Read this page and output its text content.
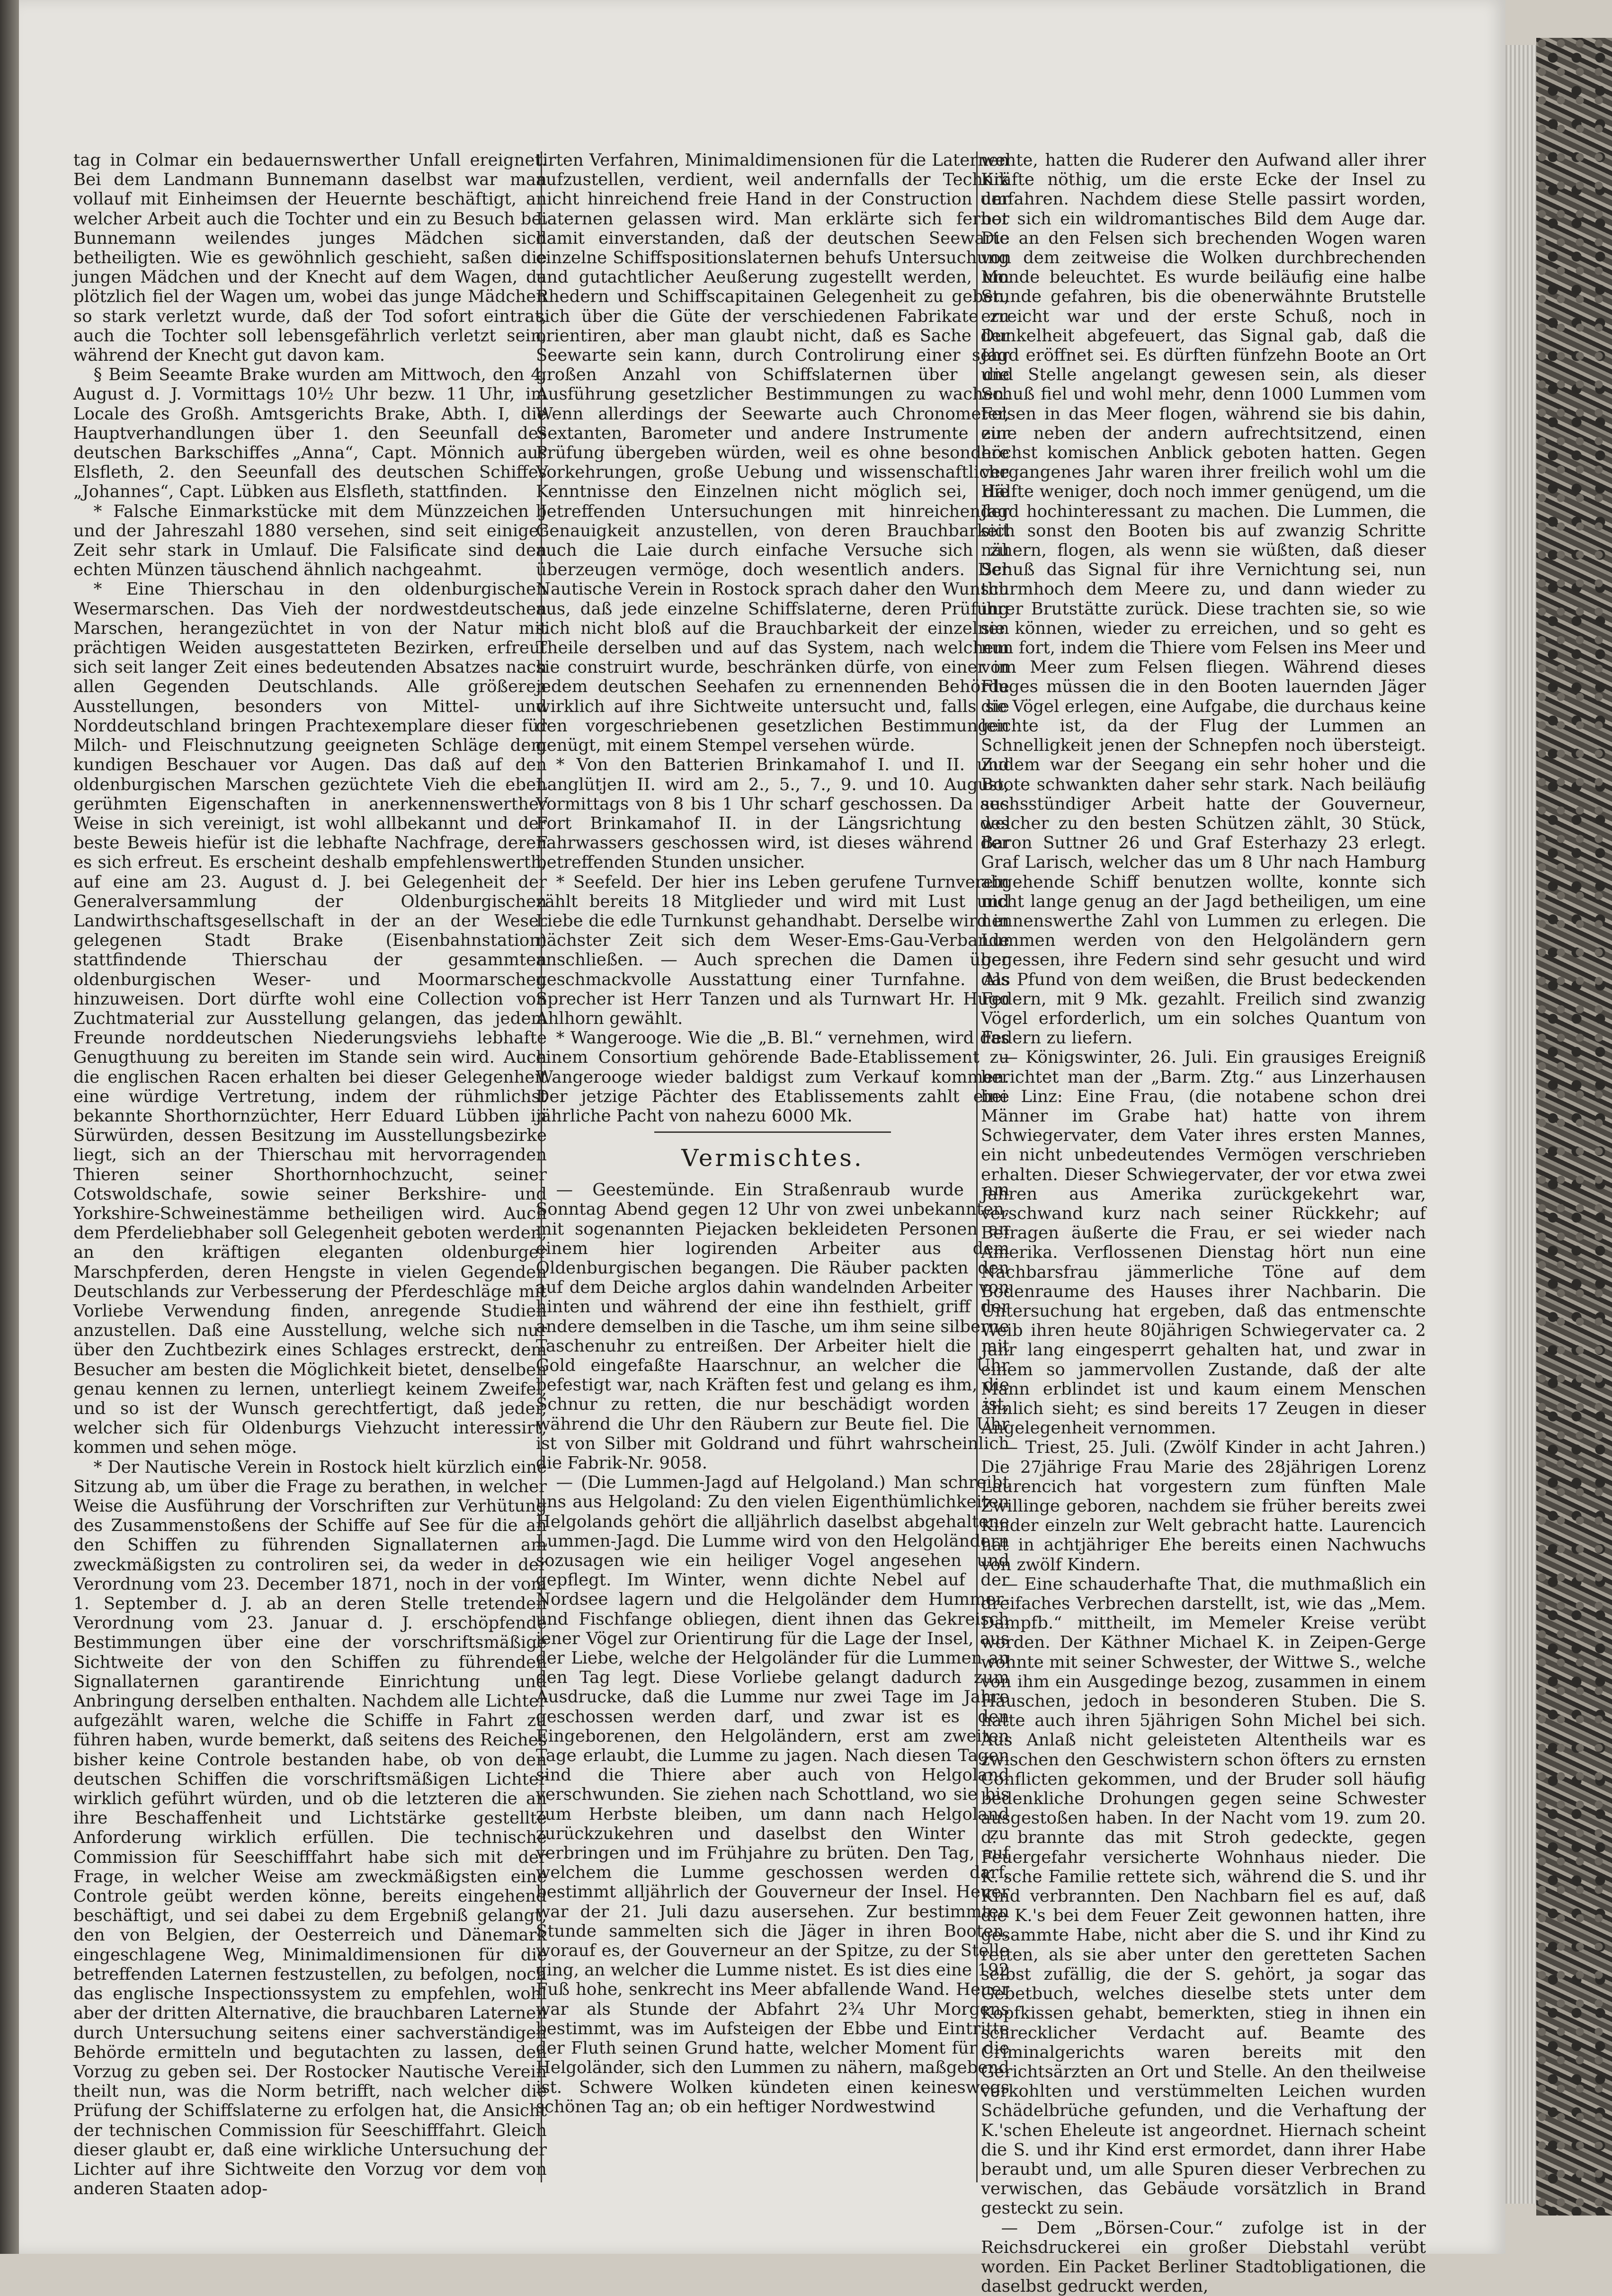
tag in Colmar ein bedauernswerther Unfall ereignet. Bei dem Landmann Bunnemann daselbst war man vollauf mit Einheimsen der Heuernte beschäftigt, an welcher Arbeit auch die Tochter und ein zu Besuch bei Bunnemann weilendes junges Mädchen sich betheiligten. Wie es gewöhnlich geschieht, saßen die jungen Mädchen und der Knecht auf dem Wagen, da plötzlich fiel der Wagen um, wobei das junge Mädchen so stark verletzt wurde, daß der Tod sofort eintrat, auch die Tochter soll lebensgefährlich verletzt sein, während der Knecht gut davon kam.

§ Beim Seeamte Brake wurden am Mittwoch, den 4. August d. J. Vormittags 10½ Uhr bezw. 11 Uhr, im Locale des Großh. Amtsgerichts Brake, Abth. I, die Hauptverhandlungen über 1. den Seeunfall des deutschen Barkschiffes „Anna“, Capt. Mönnich aus Elsfleth, 2. den Seeunfall des deutschen Schiffes „Johannes“, Capt. Lübken aus Elsfleth, stattfinden.

* Falsche Einmarkstücke mit dem Münzzeichen J und der Jahreszahl 1880 versehen, sind seit einiger Zeit sehr stark in Umlauf. Die Falsificate sind den echten Münzen täuschend ähnlich nachgeahmt.

* Eine Thierschau in den oldenburgischen Wesermarschen. Das Vieh der nordwestdeutschen Marschen, herangezüchtet in von der Natur mit prächtigen Weiden ausgestatteten Bezirken, erfreut sich seit langer Zeit eines bedeutenden Absatzes nach allen Gegenden Deutschlands. Alle größeren Ausstellungen, besonders von Mittel- und Norddeutschland bringen Prachtexemplare dieser für Milch- und Fleischnutzung geeigneten Schläge dem kundigen Beschauer vor Augen. Das daß auf den oldenburgischen Marschen gezüchtete Vieh die eben gerühmten Eigenschaften in anerkennenswerther Weise in sich vereinigt, ist wohl allbekannt und der beste Beweis hiefür ist die lebhafte Nachfrage, deren es sich erfreut. Es erscheint deshalb empfehlenswerth, auf eine am 23. August d. J. bei Gelegenheit der Generalversammlung der Oldenburgischen Landwirthschaftsgesellschaft in der an der Weser gelegenen Stadt Brake (Eisenbahnstation) stattfindende Thierschau der gesammten oldenburgischen Weser- und Moormarschen hinzuweisen. Dort dürfte wohl eine Collection von Zuchtmaterial zur Ausstellung gelangen, das jedem Freunde norddeutschen Niederungsviehs lebhafte Genugthuung zu bereiten im Stande sein wird. Auch die englischen Racen erhalten bei dieser Gelegenheit eine würdige Vertretung, indem der rühmlichst bekannte Shorthornzüchter, Herr Eduard Lübben in Sürwürden, dessen Besitzung im Ausstellungsbezirke liegt, sich an der Thierschau mit hervorragenden Thieren seiner Shorthornhochzucht, seiner Cotswoldschafe, sowie seiner Berkshire- und Yorkshire-Schweinestämme betheiligen wird. Auch dem Pferdeliebhaber soll Gelegenheit geboten werden, an den kräftigen eleganten oldenburger Marschpferden, deren Hengste in vielen Gegenden Deutschlands zur Verbesserung der Pferdeschläge mit Vorliebe Verwendung finden, anregende Studien anzustellen. Daß eine Ausstellung, welche sich nur über den Zuchtbezirk eines Schlages erstreckt, dem Besucher am besten die Möglichkeit bietet, denselben genau kennen zu lernen, unterliegt keinem Zweifel, und so ist der Wunsch gerechtfertigt, daß jeder, welcher sich für Oldenburgs Viehzucht interessirt, kommen und sehen möge.

* Der Nautische Verein in Rostock hielt kürzlich eine Sitzung ab, um über die Frage zu berathen, in welcher Weise die Ausführung der Vorschriften zur Verhütung des Zusammenstoßens der Schiffe auf See für die an den Schiffen zu führenden Signallaternen am zweckmäßigsten zu controliren sei, da weder in der Verordnung vom 23. December 1871, noch in der vom 1. September d. J. ab an deren Stelle tretenden Verordnung vom 23. Januar d. J. erschöpfende Bestimmungen über eine der vorschriftsmäßige Sichtweite der von den Schiffen zu führenden Signallaternen garantirende Einrichtung und Anbringung derselben enthalten. Nachdem alle Lichter aufgezählt waren, welche die Schiffe in Fahrt zu führen haben, wurde bemerkt, daß seitens des Reiches bisher keine Controle bestanden habe, ob von den deutschen Schiffen die vorschriftsmäßigen Lichter wirklich geführt würden, und ob die letzteren die an ihre Beschaffenheit und Lichtstärke gestellte Anforderung wirklich erfüllen. Die technische Commission für Seeschifffahrt habe sich mit der Frage, in welcher Weise am zweckmäßigsten eine Controle geübt werden könne, bereits eingehend beschäftigt, und sei dabei zu dem Ergebniß gelangt, den von Belgien, der Oesterreich und Dänemark eingeschlagene Weg, Minimaldimensionen für die betreffenden Laternen festzustellen, zu befolgen, noch das englische Inspectionssystem zu empfehlen, wohl aber der dritten Alternative, die brauchbaren Laternen durch Untersuchung seitens einer sachverständigen Behörde ermitteln und begutachten zu lassen, den Vorzug zu geben sei. Der Rostocker Nautische Verein theilt nun, was die Norm betrifft, nach welcher die Prüfung der Schiffslaterne zu erfolgen hat, die Ansicht der technischen Commission für Seeschifffahrt. Gleich dieser glaubt er, daß eine wirkliche Untersuchung der Lichter auf ihre Sichtweite den Vorzug vor dem von anderen Staaten adop-

tirten Verfahren, Minimaldimensionen für die Laternen aufzustellen, verdient, weil andernfalls der Technik nicht hinreichend freie Hand in der Construction der Laternen gelassen wird. Man erklärte sich ferner damit einverstanden, daß der deutschen Seewarte einzelne Schiffspositionslaternen behufs Untersuchung und gutachtlicher Aeußerung zugestellt werden, um Rhedern und Schiffscapitainen Gelegenheit zu geben, sich über die Güte der verschiedenen Fabrikate zu orientiren, aber man glaubt nicht, daß es Sache der Seewarte sein kann, durch Controlirung einer sehr großen Anzahl von Schiffslaternen über die Ausführung gesetzlicher Bestimmungen zu wachen. Wenn allerdings der Seewarte auch Chronometer, Sextanten, Barometer und andere Instrumente zur Prüfung übergeben würden, weil es ohne besondere Vorkehrungen, große Uebung und wissenschaftliche Kenntnisse den Einzelnen nicht möglich sei, die betreffenden Untersuchungen mit hinreichender Genauigkeit anzustellen, von deren Brauchbarkeit auch die Laie durch einfache Versuche sich zu überzeugen vermöge, doch wesentlich anders. Der Nautische Verein in Rostock sprach daher den Wunsch aus, daß jede einzelne Schiffslaterne, deren Prüfung sich nicht bloß auf die Brauchbarkeit der einzelnen Theile derselben und auf das System, nach welchem sie construirt wurde, beschränken dürfe, von einer in jedem deutschen Seehafen zu ernennenden Behörde wirklich auf ihre Sichtweite untersucht und, falls sie den vorgeschriebenen gesetzlichen Bestimmungen genügt, mit einem Stempel versehen würde.

* Von den Batterien Brinkamahof I. und II. und Langlütjen II. wird am 2., 5., 7., 9. und 10. August, Vormittags von 8 bis 1 Uhr scharf geschossen. Da aus Fort Brinkamahof II. in der Längsrichtung des Fahrwassers geschossen wird, ist dieses während der betreffenden Stunden unsicher.

* Seefeld. Der hier ins Leben gerufene Turnverein zählt bereits 18 Mitglieder und wird mit Lust und Liebe die edle Turnkunst gehandhabt. Derselbe wird in nächster Zeit sich dem Weser-Ems-Gau-Verbande anschließen. — Auch sprechen die Damen über geschmackvolle Ausstattung einer Turnfahne. Als Sprecher ist Herr Tanzen und als Turnwart Hr. Hugo Ahlhorn gewählt.

* Wangerooge. Wie die „B. Bl.“ vernehmen, wird das einem Consortium gehörende Bade-Etablissement zu Wangerooge wieder baldigst zum Verkauf kommen. Der jetzige Pächter des Etablissements zahlt eine jährliche Pacht von nahezu 6000 Mk.

Vermischtes.

— Geestemünde. Ein Straßenraub wurde am Sonntag Abend gegen 12 Uhr von zwei unbekannten, mit sogenannten Piejacken bekleideten Personen an einem hier logirenden Arbeiter aus dem Oldenburgischen begangen. Die Räuber packten den auf dem Deiche arglos dahin wandelnden Arbeiter von hinten und während der eine ihn festhielt, griff der andere demselben in die Tasche, um ihm seine silberne Taschenuhr zu entreißen. Der Arbeiter hielt die mit Gold eingefaßte Haarschnur, an welcher die Uhr befestigt war, nach Kräften fest und gelang es ihm, die Schnur zu retten, die nur beschädigt worden ist, während die Uhr den Räubern zur Beute fiel. Die Uhr ist von Silber mit Goldrand und führt wahrscheinlich die Fabrik-Nr. 9058.

— (Die Lummen-Jagd auf Helgoland.) Man schreibt uns aus Helgoland: Zu den vielen Eigenthümlichkeiten Helgolands gehört die alljährlich daselbst abgehaltene Lummen-Jagd. Die Lumme wird von den Helgoländern sozusagen wie ein heiliger Vogel angesehen und gepflegt. Im Winter, wenn dichte Nebel auf der Nordsee lagern und die Helgoländer dem Hummer- und Fischfange obliegen, dient ihnen das Gekreisch jener Vögel zur Orientirung für die Lage der Insel, aus der Liebe, welche der Helgoländer für die Lummen an den Tag legt. Diese Vorliebe gelangt dadurch zum Ausdrucke, daß die Lumme nur zwei Tage im Jahre geschossen werden darf, und zwar ist es den Eingeborenen, den Helgoländern, erst am zweiten Tage erlaubt, die Lumme zu jagen. Nach diesen Tagen sind die Thiere aber auch von Helgoland verschwunden. Sie ziehen nach Schottland, wo sie bis zum Herbste bleiben, um dann nach Helgoland zurückzukehren und daselbst den Winter zu verbringen und im Frühjahre zu brüten. Den Tag, auf welchem die Lumme geschossen werden darf, bestimmt alljährlich der Gouverneur der Insel. Heuer war der 21. Juli dazu ausersehen. Zur bestimmten Stunde sammelten sich die Jäger in ihren Booten, worauf es, der Gouverneur an der Spitze, zu der Stelle ging, an welcher die Lumme nistet. Es ist dies eine 192 Fuß hohe, senkrecht ins Meer abfallende Wand. Heuer war als Stunde der Abfahrt 2¾ Uhr Morgens bestimmt, was im Aufsteigen der Ebbe und Eintritte der Fluth seinen Grund hatte, welcher Moment für die Helgoländer, sich den Lummen zu nähern, maßgebend ist. Schwere Wolken kündeten einen keineswegs schönen Tag an; ob ein heftiger Nordwestwind

wehte, hatten die Ruderer den Aufwand aller ihrer Kräfte nöthig, um die erste Ecke der Insel zu umfahren. Nachdem diese Stelle passirt worden, bot sich ein wildromantisches Bild dem Auge dar. Die an den Felsen sich brechenden Wogen waren von dem zeitweise die Wolken durchbrechenden Monde beleuchtet. Es wurde beiläufig eine halbe Stunde gefahren, bis die obenerwähnte Brutstelle erreicht war und der erste Schuß, noch in Dunkelheit abgefeuert, das Signal gab, daß die Jagd eröffnet sei. Es dürften fünfzehn Boote an Ort und Stelle angelangt gewesen sein, als dieser Schuß fiel und wohl mehr, denn 1000 Lummen vom Felsen in das Meer flogen, während sie bis dahin, eine neben der andern aufrechtsitzend, einen höchst komischen Anblick geboten hatten. Gegen vergangenes Jahr waren ihrer freilich wohl um die Hälfte weniger, doch noch immer genügend, um die Jagd hochinteressant zu machen. Die Lummen, die sich sonst den Booten bis auf zwanzig Schritte nähern, flogen, als wenn sie wüßten, daß dieser Schuß das Signal für ihre Vernichtung sei, nun thurmhoch dem Meere zu, und dann wieder zu ihrer Brutstätte zurück. Diese trachten sie, so wie sie können, wieder zu erreichen, und so geht es nun fort, indem die Thiere vom Felsen ins Meer und vom Meer zum Felsen fliegen. Während dieses Fluges müssen die in den Booten lauernden Jäger die Vögel erlegen, eine Aufgabe, die durchaus keine leichte ist, da der Flug der Lummen an Schnelligkeit jenen der Schnepfen noch übersteigt. Zudem war der Seegang ein sehr hoher und die Boote schwankten daher sehr stark. Nach beiläufig sechsstündiger Arbeit hatte der Gouverneur, welcher zu den besten Schützen zählt, 30 Stück, Baron Suttner 26 und Graf Esterhazy 23 erlegt. Graf Larisch, welcher das um 8 Uhr nach Hamburg abgehende Schiff benutzen wollte, konnte sich nicht lange genug an der Jagd betheiligen, um eine nennenswerthe Zahl von Lummen zu erlegen. Die Lummen werden von den Helgoländern gern gegessen, ihre Federn sind sehr gesucht und wird das Pfund von dem weißen, die Brust bedeckenden Federn, mit 9 Mk. gezahlt. Freilich sind zwanzig Vögel erforderlich, um ein solches Quantum von Federn zu liefern.

— Königswinter, 26. Juli. Ein grausiges Ereigniß berichtet man der „Barm. Ztg.“ aus Linzerhausen bei Linz: Eine Frau, (die notabene schon drei Männer im Grabe hat) hatte von ihrem Schwiegervater, dem Vater ihres ersten Mannes, ein nicht unbedeutendes Vermögen verschrieben erhalten. Dieser Schwiegervater, der vor etwa zwei Jahren aus Amerika zurückgekehrt war, verschwand kurz nach seiner Rückkehr; auf Befragen äußerte die Frau, er sei wieder nach Amerika. Verflossenen Dienstag hört nun eine Nachbarsfrau jämmerliche Töne auf dem Bodenraume des Hauses ihrer Nachbarin. Die Untersuchung hat ergeben, daß das entmenschte Weib ihren heute 80jährigen Schwiegervater ca. 2 Jahr lang eingesperrt gehalten hat, und zwar in einem so jammervollen Zustande, daß der alte Mann erblindet ist und kaum einem Menschen ähnlich sieht; es sind bereits 17 Zeugen in dieser Angelegenheit vernommen.

— Triest, 25. Juli. (Zwölf Kinder in acht Jahren.) Die 27jährige Frau Marie des 28jährigen Lorenz Laurencich hat vorgestern zum fünften Male Zwillinge geboren, nachdem sie früher bereits zwei Kinder einzeln zur Welt gebracht hatte. Laurencich hat in achtjähriger Ehe bereits einen Nachwuchs von zwölf Kindern.

— Eine schauderhafte That, die muthmaßlich ein dreifaches Verbrechen darstellt, ist, wie das „Mem. Dampfb.“ mittheilt, im Memeler Kreise verübt worden. Der Käthner Michael K. in Zeipen-Gerge wohnte mit seiner Schwester, der Wittwe S., welche von ihm ein Ausgedinge bezog, zusammen in einem Häuschen, jedoch in besonderen Stuben. Die S. hatte auch ihren 5jährigen Sohn Michel bei sich. Aus Anlaß nicht geleisteten Altentheils war es zwischen den Geschwistern schon öfters zu ernsten Conflicten gekommen, und der Bruder soll häufig bedenkliche Drohungen gegen seine Schwester ausgestoßen haben. In der Nacht vom 19. zum 20. d. brannte das mit Stroh gedeckte, gegen Feuergefahr versicherte Wohnhaus nieder. Die K.'sche Familie rettete sich, während die S. und ihr Kind verbrannten. Den Nachbarn fiel es auf, daß die K.'s bei dem Feuer Zeit gewonnen hatten, ihre gesammte Habe, nicht aber die S. und ihr Kind zu retten, als sie aber unter den geretteten Sachen selbst zufällig, die der S. gehört, ja sogar das Gebetbuch, welches dieselbe stets unter dem Kopfkissen gehabt, bemerkten, stieg in ihnen ein schrecklicher Verdacht auf. Beamte des Criminalgerichts waren bereits mit den Gerichtsärzten an Ort und Stelle. An den theilweise verkohlten und verstümmelten Leichen wurden Schädelbrüche gefunden, und die Verhaftung der K.'schen Eheleute ist angeordnet. Hiernach scheint die S. und ihr Kind erst ermordet, dann ihrer Habe beraubt und, um alle Spuren dieser Verbrechen zu verwischen, das Gebäude vorsätzlich in Brand gesteckt zu sein.

— Dem „Börsen-Cour.“ zufolge ist in der Reichsdruckerei ein großer Diebstahl verübt worden. Ein Packet Berliner Stadtobligationen, die daselbst gedruckt werden,
